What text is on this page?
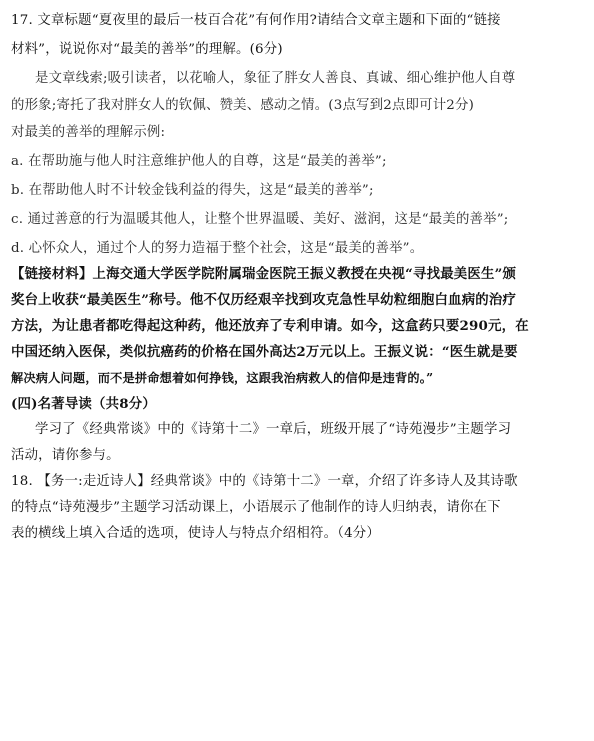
17. 文章标题“夏夜里的最后一枝百合花”有何作用?请结合文章主题和下面的“链接
材料”，说说你对“最美的善举”的理解。(6分)
是文章线索;吸引读者，以花喻人，象征了胖女人善良、真诚、细心维护他人自尊
的形象;寄托了我对胖女人的钦佩、赞美、感动之情。(3点写到2点即可计2分)
对最美的善举的理解示例:
a. 在帮助施与他人时注意维护他人的自尊，这是“最美的善举”;
b. 在帮助他人时不计较金钱利益的得失，这是“最美的善举”;
c. 通过善意的行为温暖其他人，让整个世界温暖、美好、滋润，这是“最美的善举”;
d. 心怀众人，通过个人的努力造福于整个社会，这是“最美的善举”。
【链接材料】上海交通大学医学院附属瑞金医院王振义教授在央视“寻找最美医生”颁
奖台上收获“最美医生”称号。他不仅历经艰辛找到攻克急性早幼粒细胞白血病的治疗
方法，为让患者都吃得起这种药，他还放弃了专利申请。如今，这盒药只要290元，在
中国还纳入医保，类似抗癌药的价格在国外高达2万元以上。王振义说：“医生就是要
解决病人问题，而不是拼命想着如何挣钱，这跟我治病救人的信仰是违背的。”
(四)名著导读（共8分）
学习了《经典常谈》中的《诗第十二》一章后，班级开展了“诗苑漫步”主题学习
活动，请你参与。
18. 【务一:走近诗人】经典常谈》中的《诗第十二》一章，介绍了许多诗人及其诗歌
的特点“诗苑漫步”主题学习活动课上，小语展示了他制作的诗人归纳表，请你在下
表的横线上填入合适的选项，使诗人与特点介绍相符。（4分）
